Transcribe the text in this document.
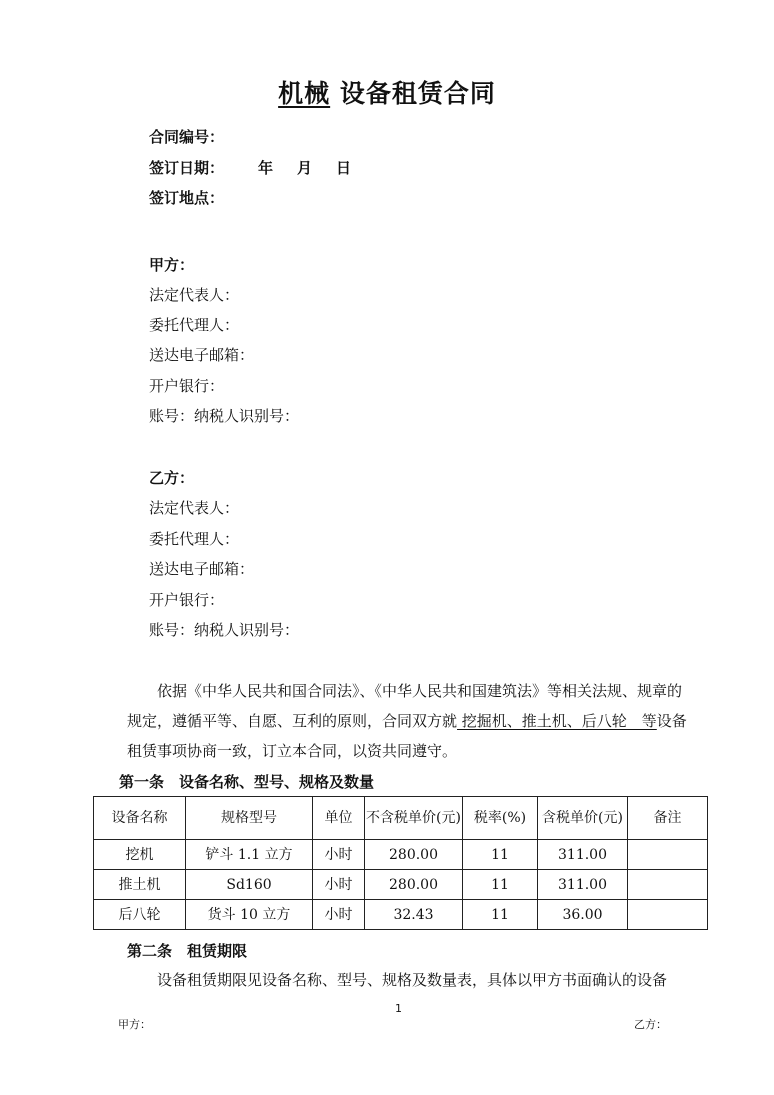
机械 设备租赁合同
合同编号：
签订日期： 年 月 日
签订地点：
甲方：
法定代表人：
委托代理人：
送达电子邮箱：
开户银行：
账号：纳税人识别号：
乙方：
法定代表人：
委托代理人：
送达电子邮箱：
开户银行：
账号：纳税人识别号：
依据《中华人民共和国合同法》、《中华人民共和国建筑法》等相关法规、规章的规定，遵循平等、自愿、互利的原则，合同双方就 挖掘机、推土机、后八轮　等设备租赁事项协商一致，订立本合同，以资共同遵守。
第一条　设备名称、型号、规格及数量
设备名称	规格型号	单位	不含税单价(元)	税率(%)	含税单价(元)	备注
挖机	铲斗 1.1 立方	小时	280.00	11	311.00	
推土机	Sd160	小时	280.00	11	311.00	
后八轮	货斗 10 立方	小时	32.43	11	36.00	
第二条　租赁期限
设备租赁期限见设备名称、型号、规格及数量表，具体以甲方书面确认的设备
1
甲方：	乙方：
